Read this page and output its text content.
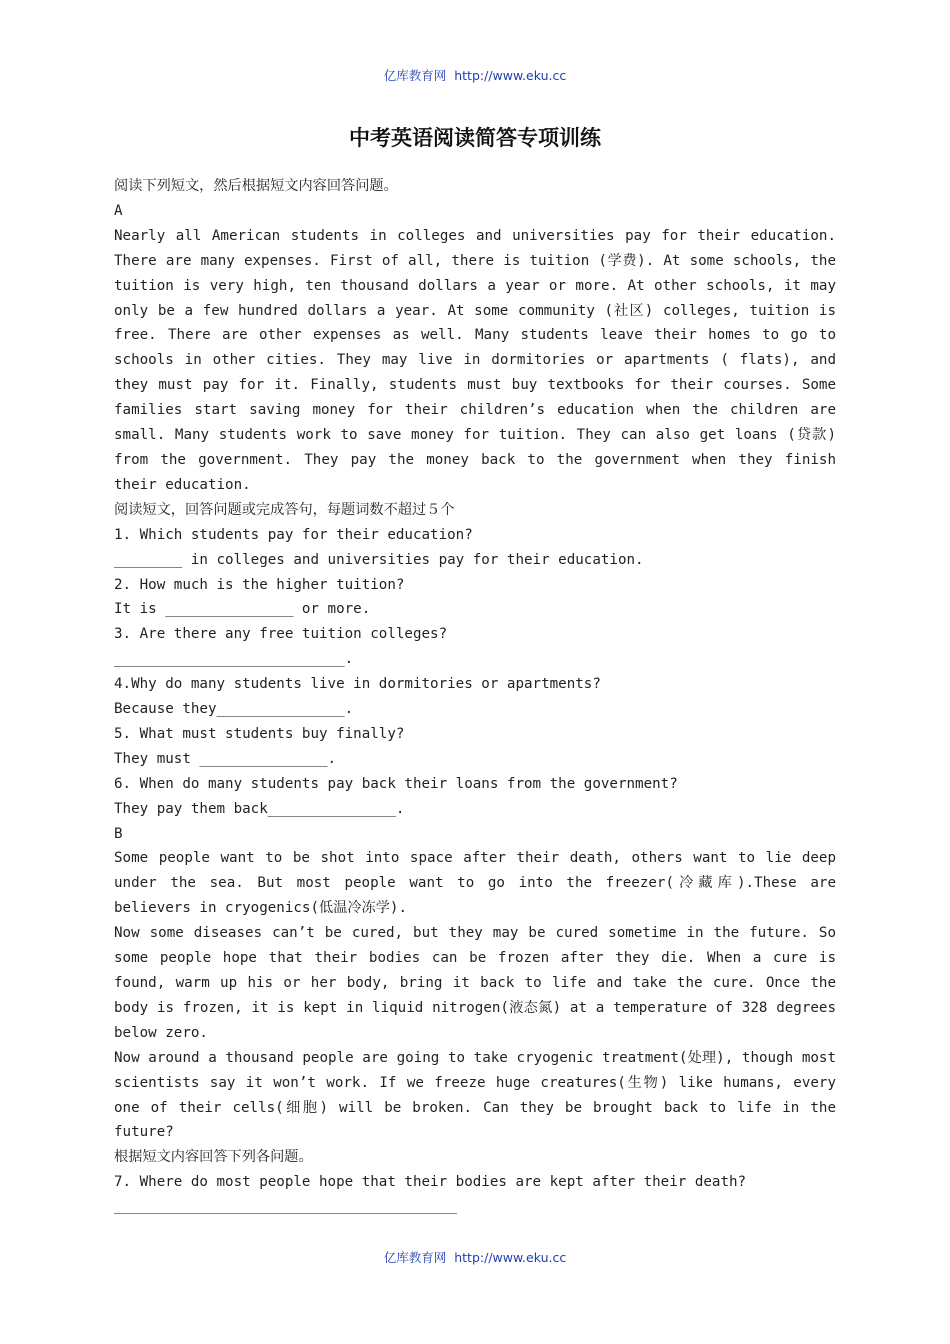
亿库教育网 http://www.eku.cc
中考英语阅读简答专项训练

阅读下列短文，然后根据短文内容回答问题。

A

Nearly all American students in colleges and universities pay for their education. There are many expenses. First of all, there is tuition (学费). At some schools, the tuition is very high, ten thousand dollars a year or more. At other schools, it may only be a few hundred dollars a year. At some community (社区) colleges, tuition is free. There are other expenses as well. Many students leave their homes to go to schools in other cities. They may live in dormitories or apartments ( flats), and they must pay for it. Finally, students must buy textbooks for their courses. Some families start saving money for their children’s education when the children are small. Many students work to save money for tuition. They can also get loans (贷款) from the government. They pay the money back to the government when they finish their education.

阅读短文，回答问题或完成答句，每题词数不超过５个

1. Which students pay for their education?

________ in colleges and universities pay for their education.

2. How much is the higher tuition?

It is _______________ or more.

3. Are there any free tuition colleges?

___________________________.

4.Why do many students live in dormitories or apartments?

Because they_______________.

5. What must students buy finally?

They must _______________.

6. When do many students pay back their loans from the government?

They pay them back_______________.

B

Some people want to be shot into space after their death, others want to lie deep under the sea. But most people want to go into the freezer(冷藏库).These are believers in cryogenics(低温冷冻学).

Now some diseases can’t be cured, but they may be cured sometime in the future. So some people hope that their bodies can be frozen after they die. When a cure is found, warm up his or her body, bring it back to life and take the cure. Once the body is frozen, it is kept in liquid nitrogen(液态氮) at a temperature of 328 degrees below zero.

Now around a thousand people are going to take cryogenic treatment(处理), though most scientists say it won’t work. If we freeze huge creatures(生物) like humans, every one of their cells(细胞) will be broken. Can they be brought back to life in the future?

根据短文内容回答下列各问题。

7. Where do most people hope that their bodies are kept after their death?

亿库教育网 http://www.eku.cc
